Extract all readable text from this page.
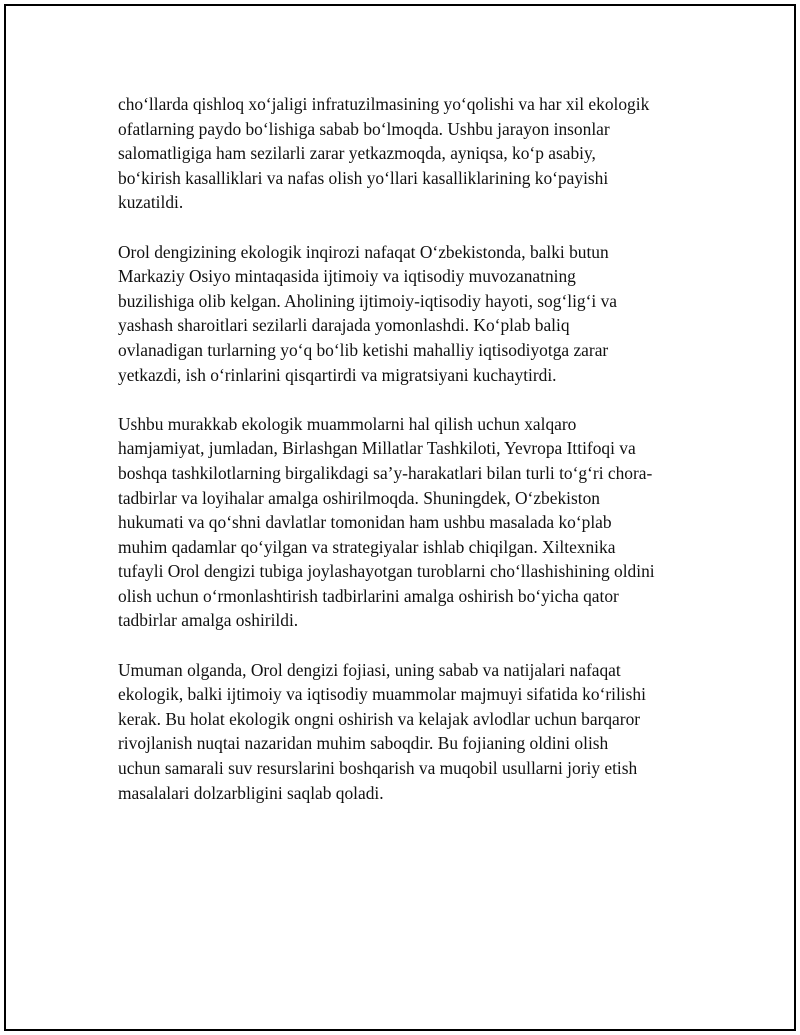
cho‘llarda qishloq xo‘jaligi infratuzilmasining yo‘qolishi va har xil ekologik
ofatlarning paydo bo‘lishiga sabab bo‘lmoqda. Ushbu jarayon insonlar
salomatligiga ham sezilarli zarar yetkazmoqda, ayniqsa, ko‘p asabiy,
bo‘kirish kasalliklari va nafas olish yo‘llari kasalliklarining ko‘payishi
kuzatildi.

Orol dengizining ekologik inqirozi nafaqat O‘zbekistonda, balki butun
Markaziy Osiyo mintaqasida ijtimoiy va iqtisodiy muvozanatning
buzilishiga olib kelgan. Aholining ijtimoiy-iqtisodiy hayoti, sog‘lig‘i va
yashash sharoitlari sezilarli darajada yomonlashdi. Ko‘plab baliq
ovlanadigan turlarning yo‘q bo‘lib ketishi mahalliy iqtisodiyotga zarar
yetkazdi, ish o‘rinlarini qisqartirdi va migratsiyani kuchaytirdi.

Ushbu murakkab ekologik muammolarni hal qilish uchun xalqaro
hamjamiyat, jumladan, Birlashgan Millatlar Tashkiloti, Yevropa Ittifoqi va
boshqa tashkilotlarning birgalikdagi sa’y-harakatlari bilan turli to‘g‘ri chora-
tadbirlar va loyihalar amalga oshirilmoqda. Shuningdek, O‘zbekiston
hukumati va qo‘shni davlatlar tomonidan ham ushbu masalada ko‘plab
muhim qadamlar qo‘yilgan va strategiyalar ishlab chiqilgan. Xiltexnika
tufayli Orol dengizi tubiga joylashayotgan turoblarni cho‘llashishining oldini
olish uchun o‘rmonlashtirish tadbirlarini amalga oshirish bo‘yicha qator
tadbirlar amalga oshirildi.

Umuman olganda, Orol dengizi fojiasi, uning sabab va natijalari nafaqat
ekologik, balki ijtimoiy va iqtisodiy muammolar majmuyi sifatida ko‘rilishi
kerak. Bu holat ekologik ongni oshirish va kelajak avlodlar uchun barqaror
rivojlanish nuqtai nazaridan muhim saboqdir. Bu fojianing oldini olish
uchun samarali suv resurslarini boshqarish va muqobil usullarni joriy etish
masalalari dolzarbligini saqlab qoladi.
